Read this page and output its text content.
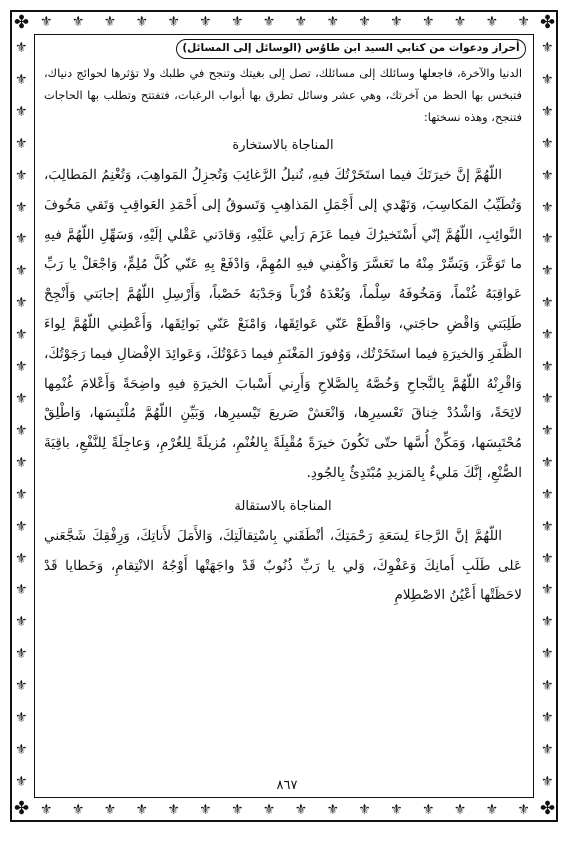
✤	✤
✤	✤
⚜ ⚜ ⚜ ⚜ ⚜ ⚜ ⚜ ⚜ ⚜ ⚜ ⚜ ⚜ ⚜ ⚜ ⚜ ⚜
⚜ ⚜ ⚜ ⚜ ⚜ ⚜ ⚜ ⚜ ⚜ ⚜ ⚜ ⚜ ⚜ ⚜ ⚜ ⚜
⚜
⚜
⚜
⚜
⚜
⚜
⚜
⚜
⚜
⚜
⚜
⚜
⚜
⚜
⚜
⚜
⚜
⚜
⚜
⚜
⚜
⚜
⚜
⚜
⚜
⚜
⚜
⚜
⚜
⚜
⚜
⚜
⚜
⚜
⚜
⚜
⚜
⚜
⚜
⚜
⚜
⚜
⚜
⚜
⚜
⚜
⚜
⚜
أحراز ودعوات من كتابي السيد ابن طاوُس (الوسائل إلى المسائل)

الدنيا والآخرة، فاجعلها وسائلك إلى مسائلك، تصل إلى بغيتك وتنجح في طلبك ولا تؤثرها لحوائج دنياك، فتبخس بها الحظ من آخرتك، وهي عشر وسائل تطرق بها أبواب الرغبات، فتفتتح وتطلب بها الحاجات فتنجح، وهذه نسختها:

المناجاة بالاستخارة

اللّهُمَّ إنَّ خيرَتَكَ فيما استَخَرْتُكَ فيهِ، تُنيلُ الرَّغائِبَ وَتُجزِلُ المَواهِبَ، وَتُغْنِمُ المَطالِبَ، وَتُطَيِّبُ المَكاسِبَ، وَتَهْدي إلى أَجْمَلِ المَذاهِبِ وَتَسوقُ إلى أَحْمَدِ العَواقِبِ وَتَقي مَخُوفَ النَّوائِبِ، اللّهُمَّ إنّي أَسْتَخيرُكَ فيما عَزَمَ رَأيي عَلَيْهِ، وَقادَني عَقْلي إلَيْهِ، وَسَهِّلِ اللّهُمَّ فيهِ ما تَوَعَّرَ، وَيَسِّرْ مِنْهُ ما تَعَسَّرَ وَاكْفِني فيهِ المُهِمَّ، وَادْفَعْ بِهِ عَنّي كُلَّ مُلِمٍّ، وَاجْعَلْ يا رَبِّ عَواقِبَهُ غُنْماً، وَمَخُوفَهُ سِلْماً، وَبُعْدَهُ قُرْباً وَجَدْبَهُ خَصْباً، وَأَرْسِلِ اللّهُمَّ إجابَتي وَأَنْجِحْ طَلِبَتي وَاقْضِ حاجَتي، وَاقْطَعْ عَنّي عَوائِقَها، وَامْنَعْ عَنّي بَوائِقَها، وَأَعْطِني اللّهُمَّ لِواءَ الظَّفَرِ وَالخيرَةِ فيما استَخَرْتُك، وَوُفورَ المَغْنَمِ فيما دَعَوْتُكَ، وَعَوائِدَ الإفْضالِ فيما رَجَوْتُكَ، وَاقْرِنْهُ اللّهُمَّ بِالنَّجاحِ وَخُصَّهُ بِالصَّلاحِ وَأَرِني أَسْبابَ الخيرَةِ فيهِ واضِحَةً وَأَعْلامَ غُنْمِها لائِحَةً، وَاشْدُدْ خِناقَ تَعْسيرِها، وَانْعَشْ صَريعَ تَيْسيرِها، وَبَيِّنِ اللّهُمَّ مُلْتَبِسَها، وَاطْلِقْ مُحْتَبِسَها، وَمَكِّنْ أُسَّها حتّى تَكُونَ خيرَةً مُقْبِلَةً بِالغُنْمِ، مُزيلَةً لِلغُرْمِ، وَعاجِلَةً لِلنَّفْعِ، باقِيَةَ الصُّنْعِ، إنَّكَ مَليءٌ بِالمَزيدِ مُبْتَدِئٌ بِالجُودِ.

المناجاة بالاستقالة

اللّهُمَّ إنَّ الرَّجاءَ لِسَعَةِ رَحْمَتِكَ، أنْطَقَني بِاسْتِقالَتِكَ، وَالأَمَلَ لأَناتِكَ، وَرِفْقِكَ شَجَّعَني عَلى طَلَبِ أَمانِكَ وَعَفْوِكَ، وَلي يا رَبِّ ذُنُوبٌ قَدْ واجَهَتْها أَوْجُهُ الانْتِقامِ، وَخَطايا قَدْ لاحَظَتْها أَعْيُنُ الاصْطِلامِ

٨٦٧
